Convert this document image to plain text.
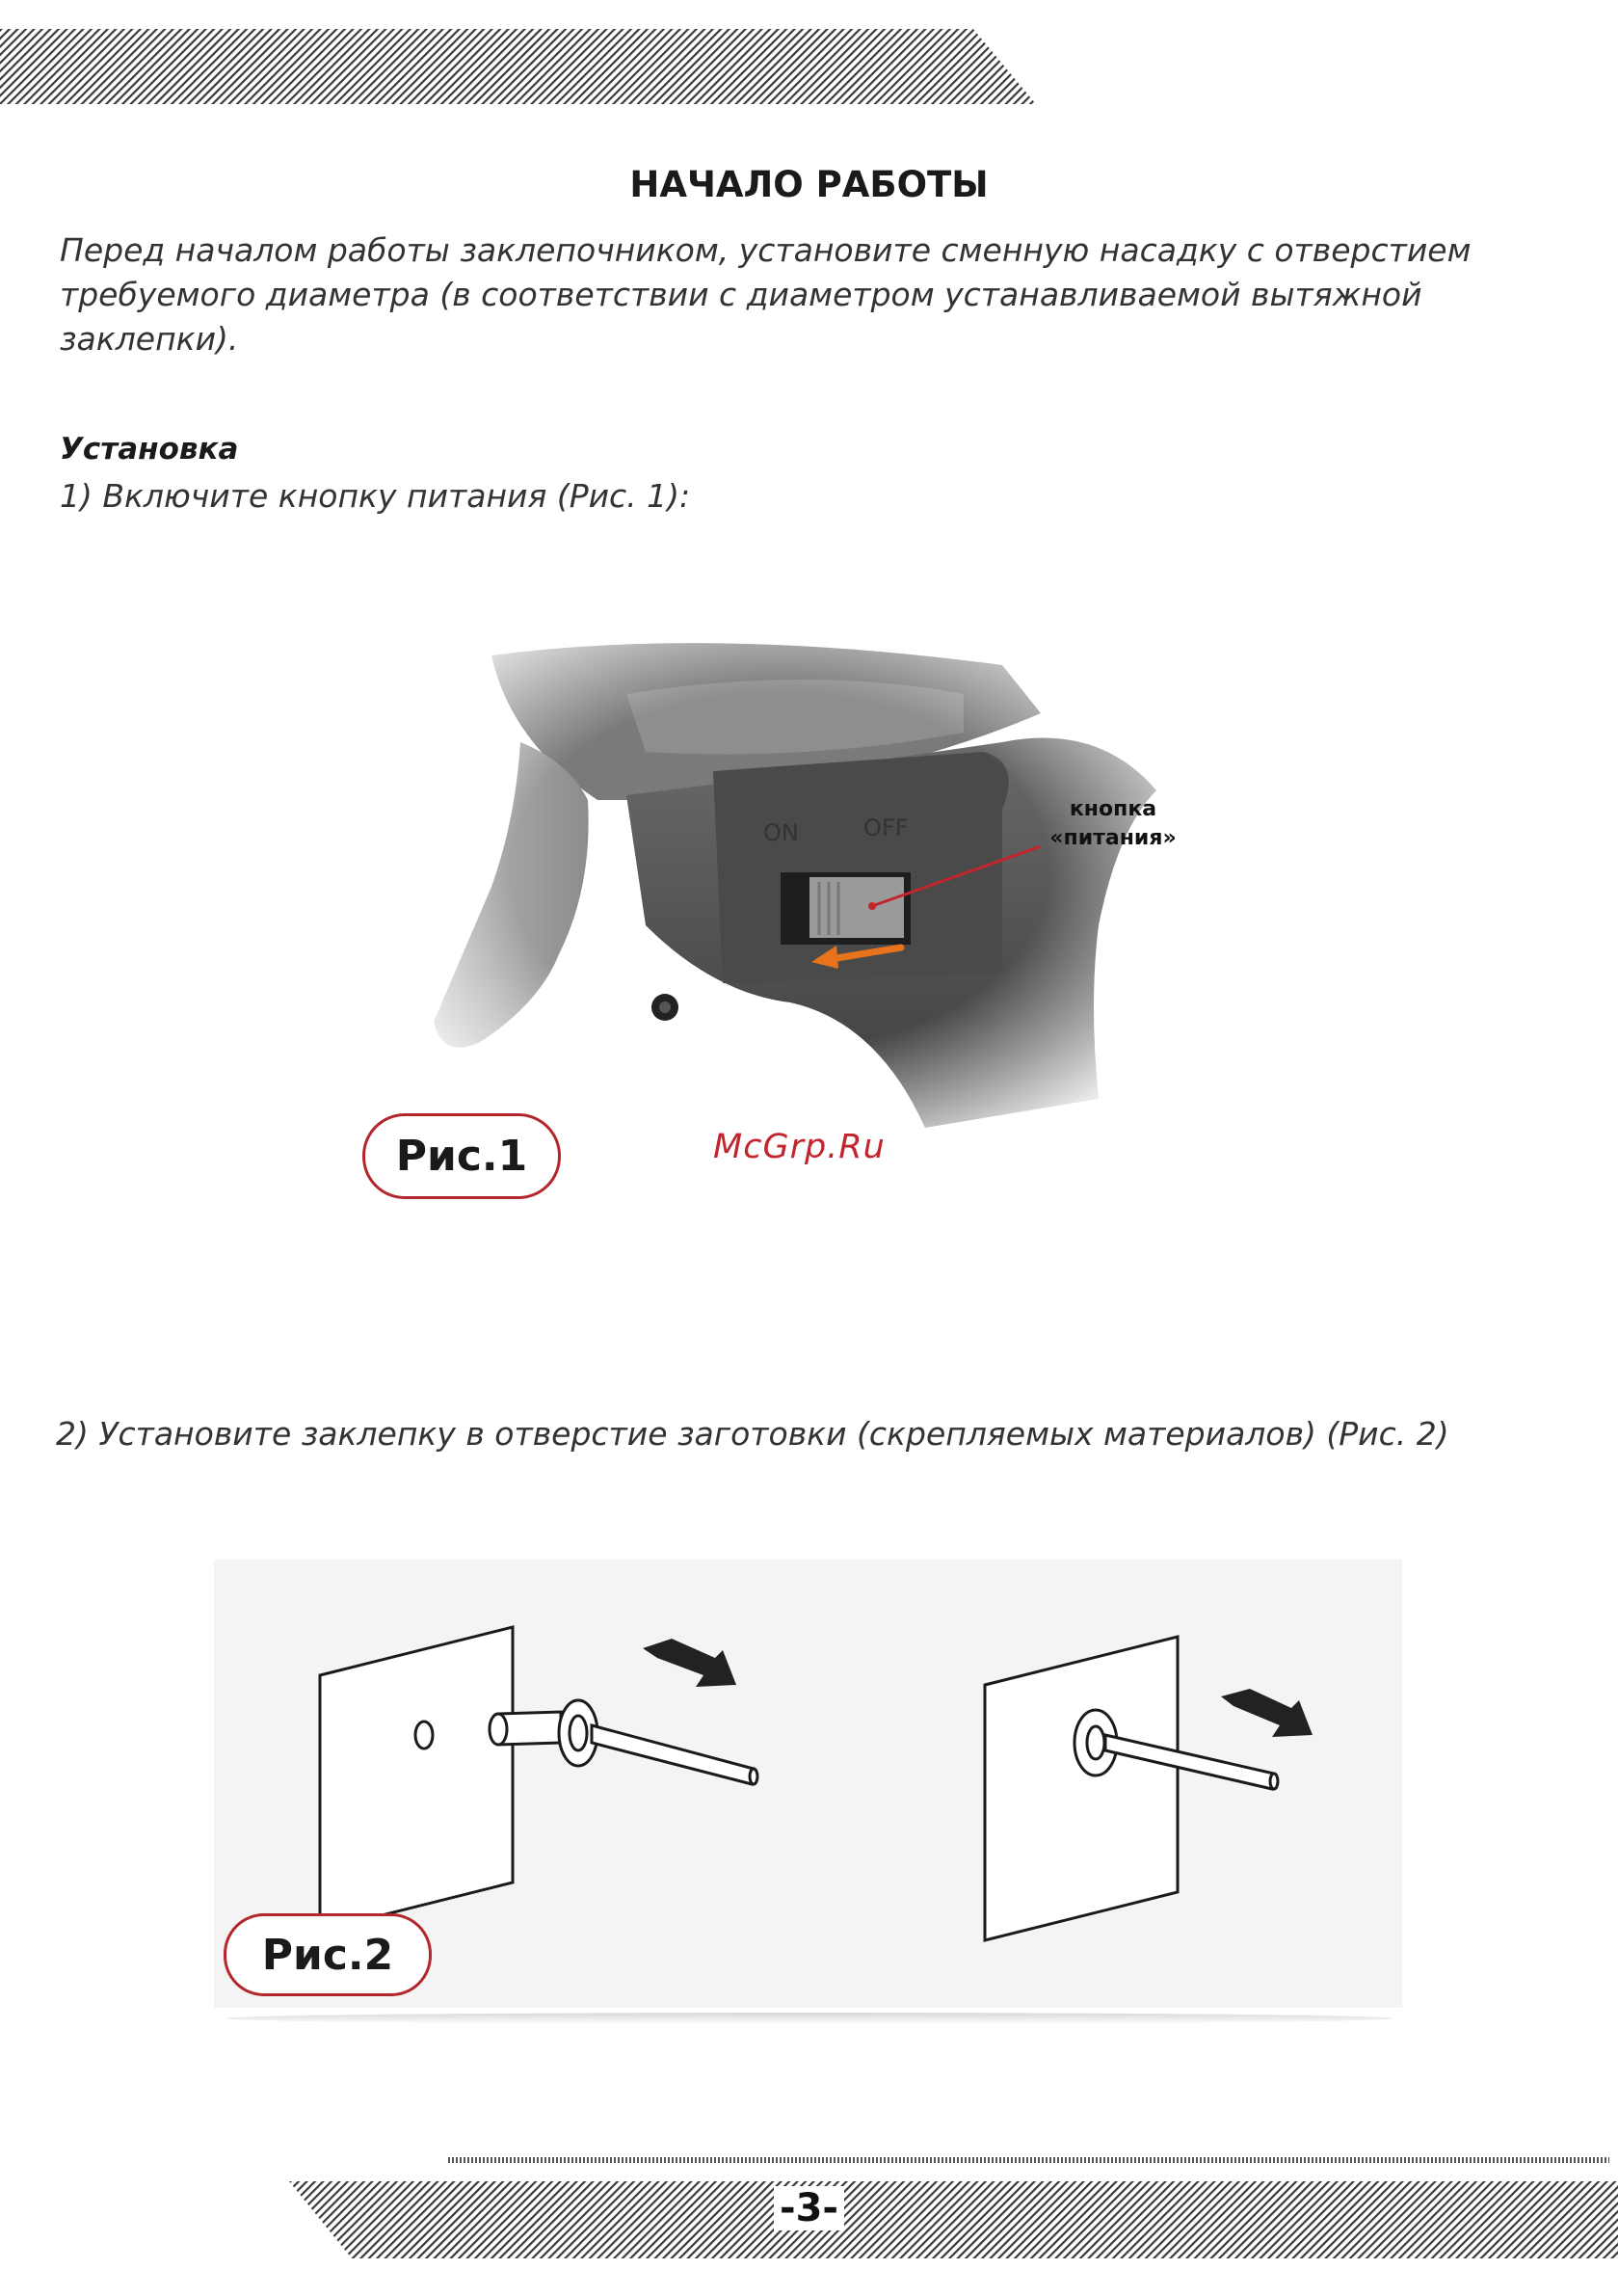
НАЧАЛО РАБОТЫ
Перед началом работы заклепочником, установите сменную насадку с отверстием требуемого диаметра (в соответствии с диаметром устанавливаемой вытяжной заклепки).
Установка
1) Включите кнопку питания (Рис. 1):
ON	OFF
кнопка
«питания»
Рис.1	McGrp.Ru
2) Установите заклепку в отверстие заготовки (скрепляемых материалов) (Рис. 2)
Рис.2
-3-
